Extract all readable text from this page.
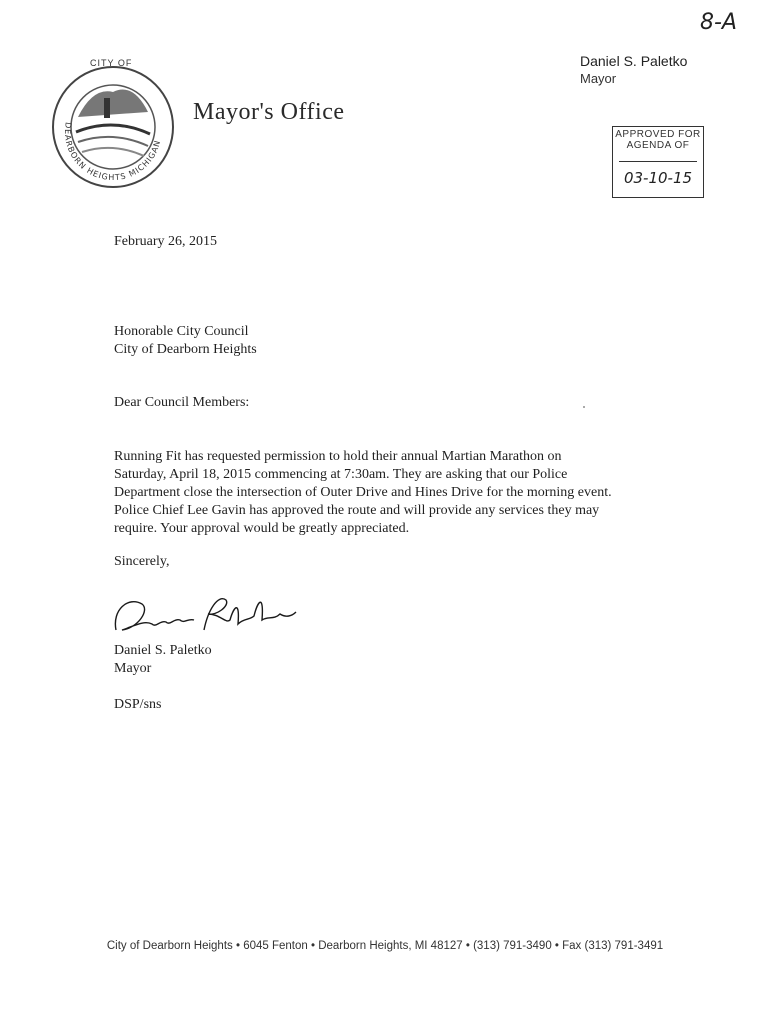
8-A
CITY OF
DEARBORN HEIGHTS MICHIGAN
Mayor's Office
Daniel S. Paletko
Mayor
APPROVED FOR
AGENDA OF
03-10-15
February 26, 2015
Honorable City Council
City of Dearborn Heights
Dear Council Members:
Running Fit has requested permission to hold their annual Martian Marathon on
Saturday, April 18, 2015 commencing at 7:30am. They are asking that our Police
Department close the intersection of Outer Drive and Hines Drive for the morning event.
Police Chief Lee Gavin has approved the route and will provide any services they may
require. Your approval would be greatly appreciated.
Sincerely,
Daniel S. Paletko
Mayor
DSP/sns
City of Dearborn Heights • 6045 Fenton • Dearborn Heights, MI 48127 • (313) 791-3490 • Fax (313) 791-3491
